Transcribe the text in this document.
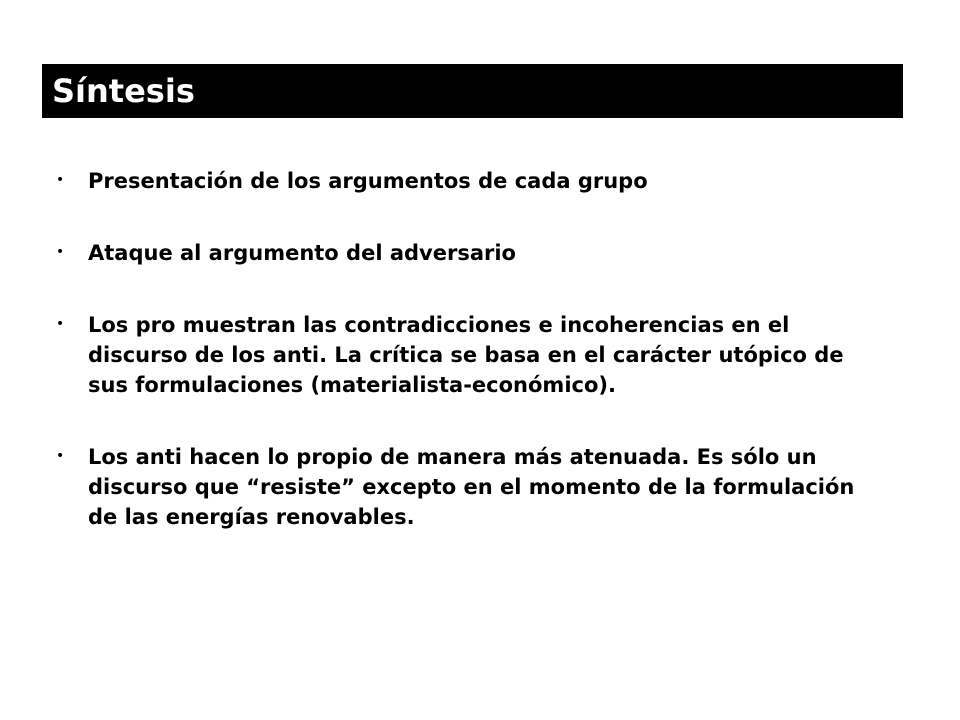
Síntesis
•	Presentación de los argumentos de cada grupo
•	Ataque al argumento del adversario
•	Los pro muestran las contradicciones e incoherencias en el discurso de los anti. La crítica se basa en el carácter utópico de sus formulaciones (materialista-económico).
•	Los anti hacen lo propio de manera más atenuada. Es sólo un discurso que “resiste” excepto en el momento de la formulación de las energías renovables.
